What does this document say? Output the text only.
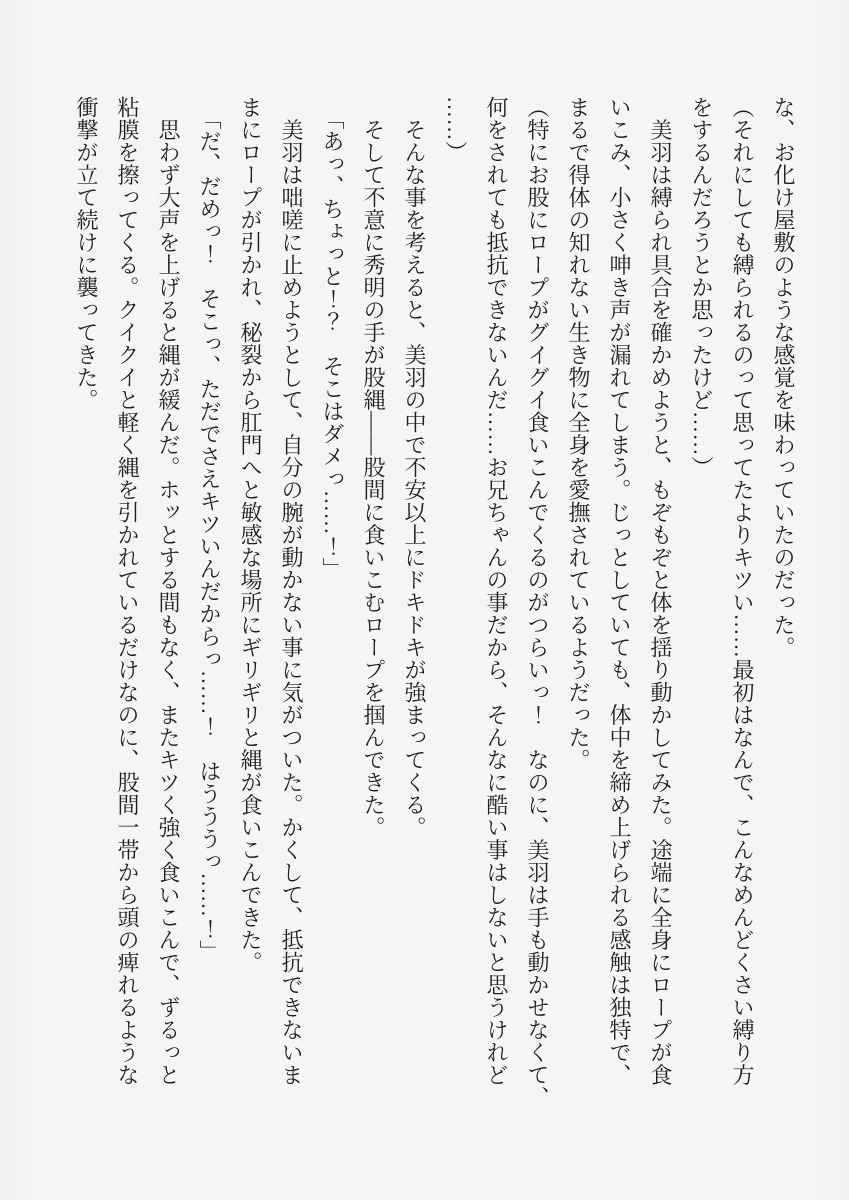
な、お化け屋敷のような感覚を味わっていたのだった。
（それにしても縛られるのって思ってたよりキツい……最初はなんで、こんなめんどくさい縛り方
をするんだろうとか思ったけど……）
　美羽は縛られ具合を確かめようと、もぞもぞと体を揺り動かしてみた。途端に全身にロープが食
いこみ、小さく呻き声が漏れてしまう。じっとしていても、体中を締め上げられる感触は独特で、
まるで得体の知れない生き物に全身を愛撫されているようだった。
（特にお股にロープがグイグイ食いこんでくるのがつらいっ！　なのに、美羽は手も動かせなくて、
何をされても抵抗できないんだ……お兄ちゃんの事だから、そんなに酷い事はしないと思うけれど
……）
　そんな事を考えると、美羽の中で不安以上にドキドキが強まってくる。
　そして不意に秀明の手が股縄――股間に食いこむロープを掴んできた。
　「あっ、ちょっと！？　そこはダメっ……！」
　美羽は咄嗟に止めようとして、自分の腕が動かない事に気がついた。かくして、抵抗できないま
まにロープが引かれ、秘裂から肛門へと敏感な場所にギリギリと縄が食いこんできた。
　「だ、だめっ！　そこっ、ただでさえキツいんだからっ……！　はうううっ……！」
　思わず大声を上げると縄が緩んだ。ホッとする間もなく、またキツく強く食いこんで、ずるっと
粘膜を擦ってくる。クイクイと軽く縄を引かれているだけなのに、股間一帯から頭の痺れるような
衝撃が立て続けに襲ってきた。
